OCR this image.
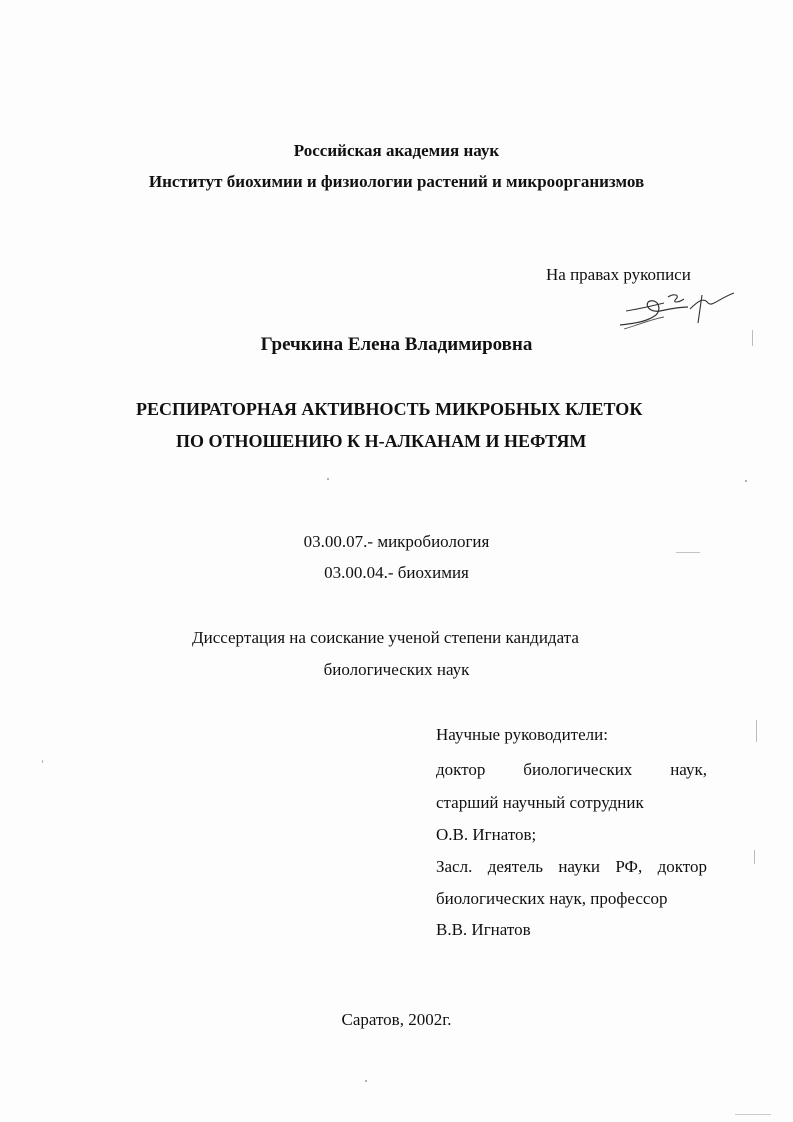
Российская академия наук
Институт биохимии и физиологии растений и микроорганизмов
На правах рукописи
Гречкина Елена Владимировна
РЕСПИРАТОРНАЯ АКТИВНОСТЬ МИКРОБНЫХ КЛЕТОК
ПО ОТНОШЕНИЮ К Н-АЛКАНАМ И НЕФТЯМ
03.00.07.- микробиология
03.00.04.- биохимия
Диссертация на соискание ученой степени кандидата
биологических наук
Научные руководители:
доктор биологических наук,
старший научный сотрудник
О.В. Игнатов;
Засл. деятель науки РФ, доктор
биологических наук, профессор
В.В. Игнатов
Саратов, 2002г.
